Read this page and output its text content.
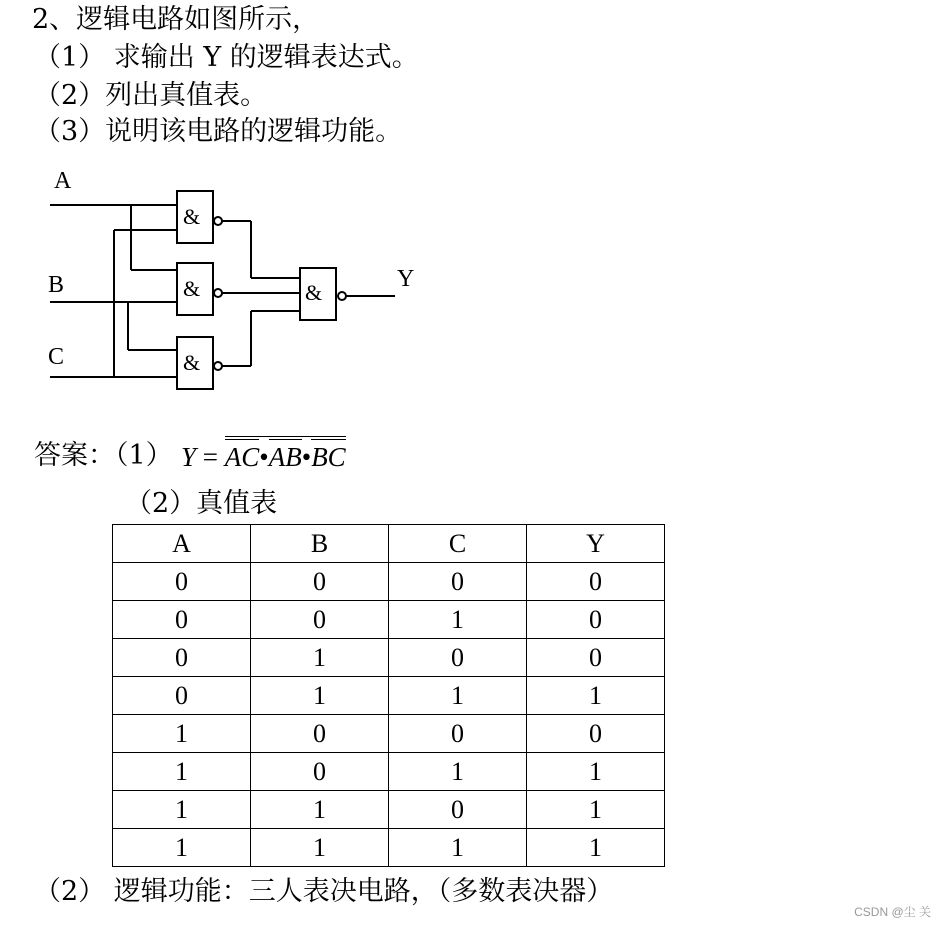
2、逻辑电路如图所示，
（1） 求输出 Y 的逻辑表达式。
（2）列出真值表。
（3）说明该电路的逻辑功能。
A
B
C
Y
&
&
&
&
答案：（1） Y = AC•AB•BC
（2）真值表
A	B	C	Y
0	0	0	0
0	0	1	0
0	1	0	0
0	1	1	1
1	0	0	0
1	0	1	1
1	1	0	1
1	1	1	1
（2） 逻辑功能：三人表决电路，（多数表决器）
CSDN @尘 关
